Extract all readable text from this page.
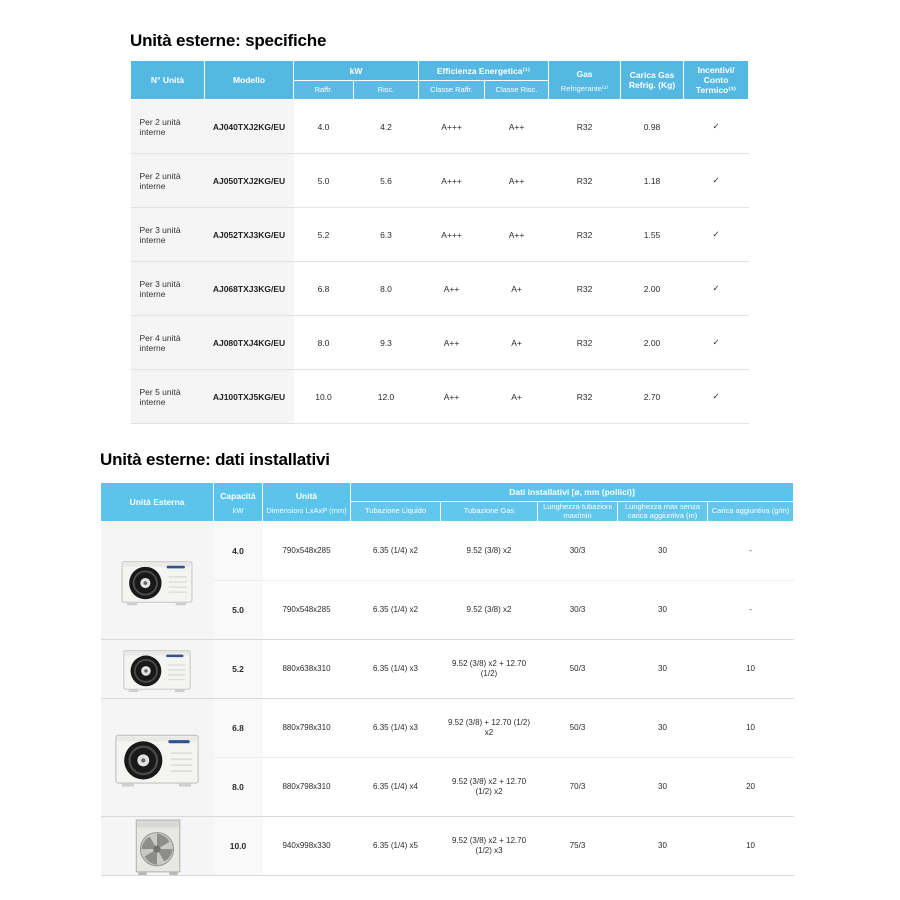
Unità esterne: specifiche
N° Unità	Modello	kW		Efficienza Energetica⁽¹⁾		Gas
Refrigerante⁽²⁾	Carica Gas Refrig. (Kg)	Incentivi/ Conto Termico⁽³⁾
		Raffr.	Risc.	Classe Raffr.	Classe Risc.			
Per 2 unità interne	AJ040TXJ2KG/EU	4.0	4.2	A+++	A++	R32	0.98	✓
Per 2 unità interne	AJ050TXJ2KG/EU	5.0	5.6	A+++	A++	R32	1.18	✓
Per 3 unità interne	AJ052TXJ3KG/EU	5.2	6.3	A+++	A++	R32	1.55	✓
Per 3 unità interne	AJ068TXJ3KG/EU	6.8	8.0	A++	A+	R32	2.00	✓
Per 4 unità interne	AJ080TXJ4KG/EU	8.0	9.3	A++	A+	R32	2.00	✓
Per 5 unità interne	AJ100TXJ5KG/EU	10.0	12.0	A++	A+	R32	2.70	✓
Unità esterne: dati installativi
Unità Esterna	
Capacità
kW

Unità
Dimensioni LxAxP (mm)
	Dati installativi [ø, mm (pollici)]
			Tubazione Liquido	Tubazione Gas	Lunghezza tubazioni max/min	Lunghezza max senza carica aggiuntiva (m)	Carica aggiuntiva (g/m)

	4.0	790x548x285	6.35 (1/4) x2	9.52 (3/8) x2	30/3	30	-
	5.0	790x548x285	6.35 (1/4) x2	9.52 (3/8) x2	30/3	30	-

	5.2	880x638x310	6.35 (1/4) x3	9.52 (3/8) x2 + 12.70 (1/2)	50/3	30	10

	6.8	880x798x310	6.35 (1/4) x3	9.52 (3/8) + 12.70 (1/2) x2	50/3	30	10
	8.0	880x798x310	6.35 (1/4) x4	9.52 (3/8) x2 + 12.70 (1/2) x2	70/3	30	20

	10.0	940x998x330	6.35 (1/4) x5	9.52 (3/8) x2 + 12.70 (1/2) x3	75/3	30	10
